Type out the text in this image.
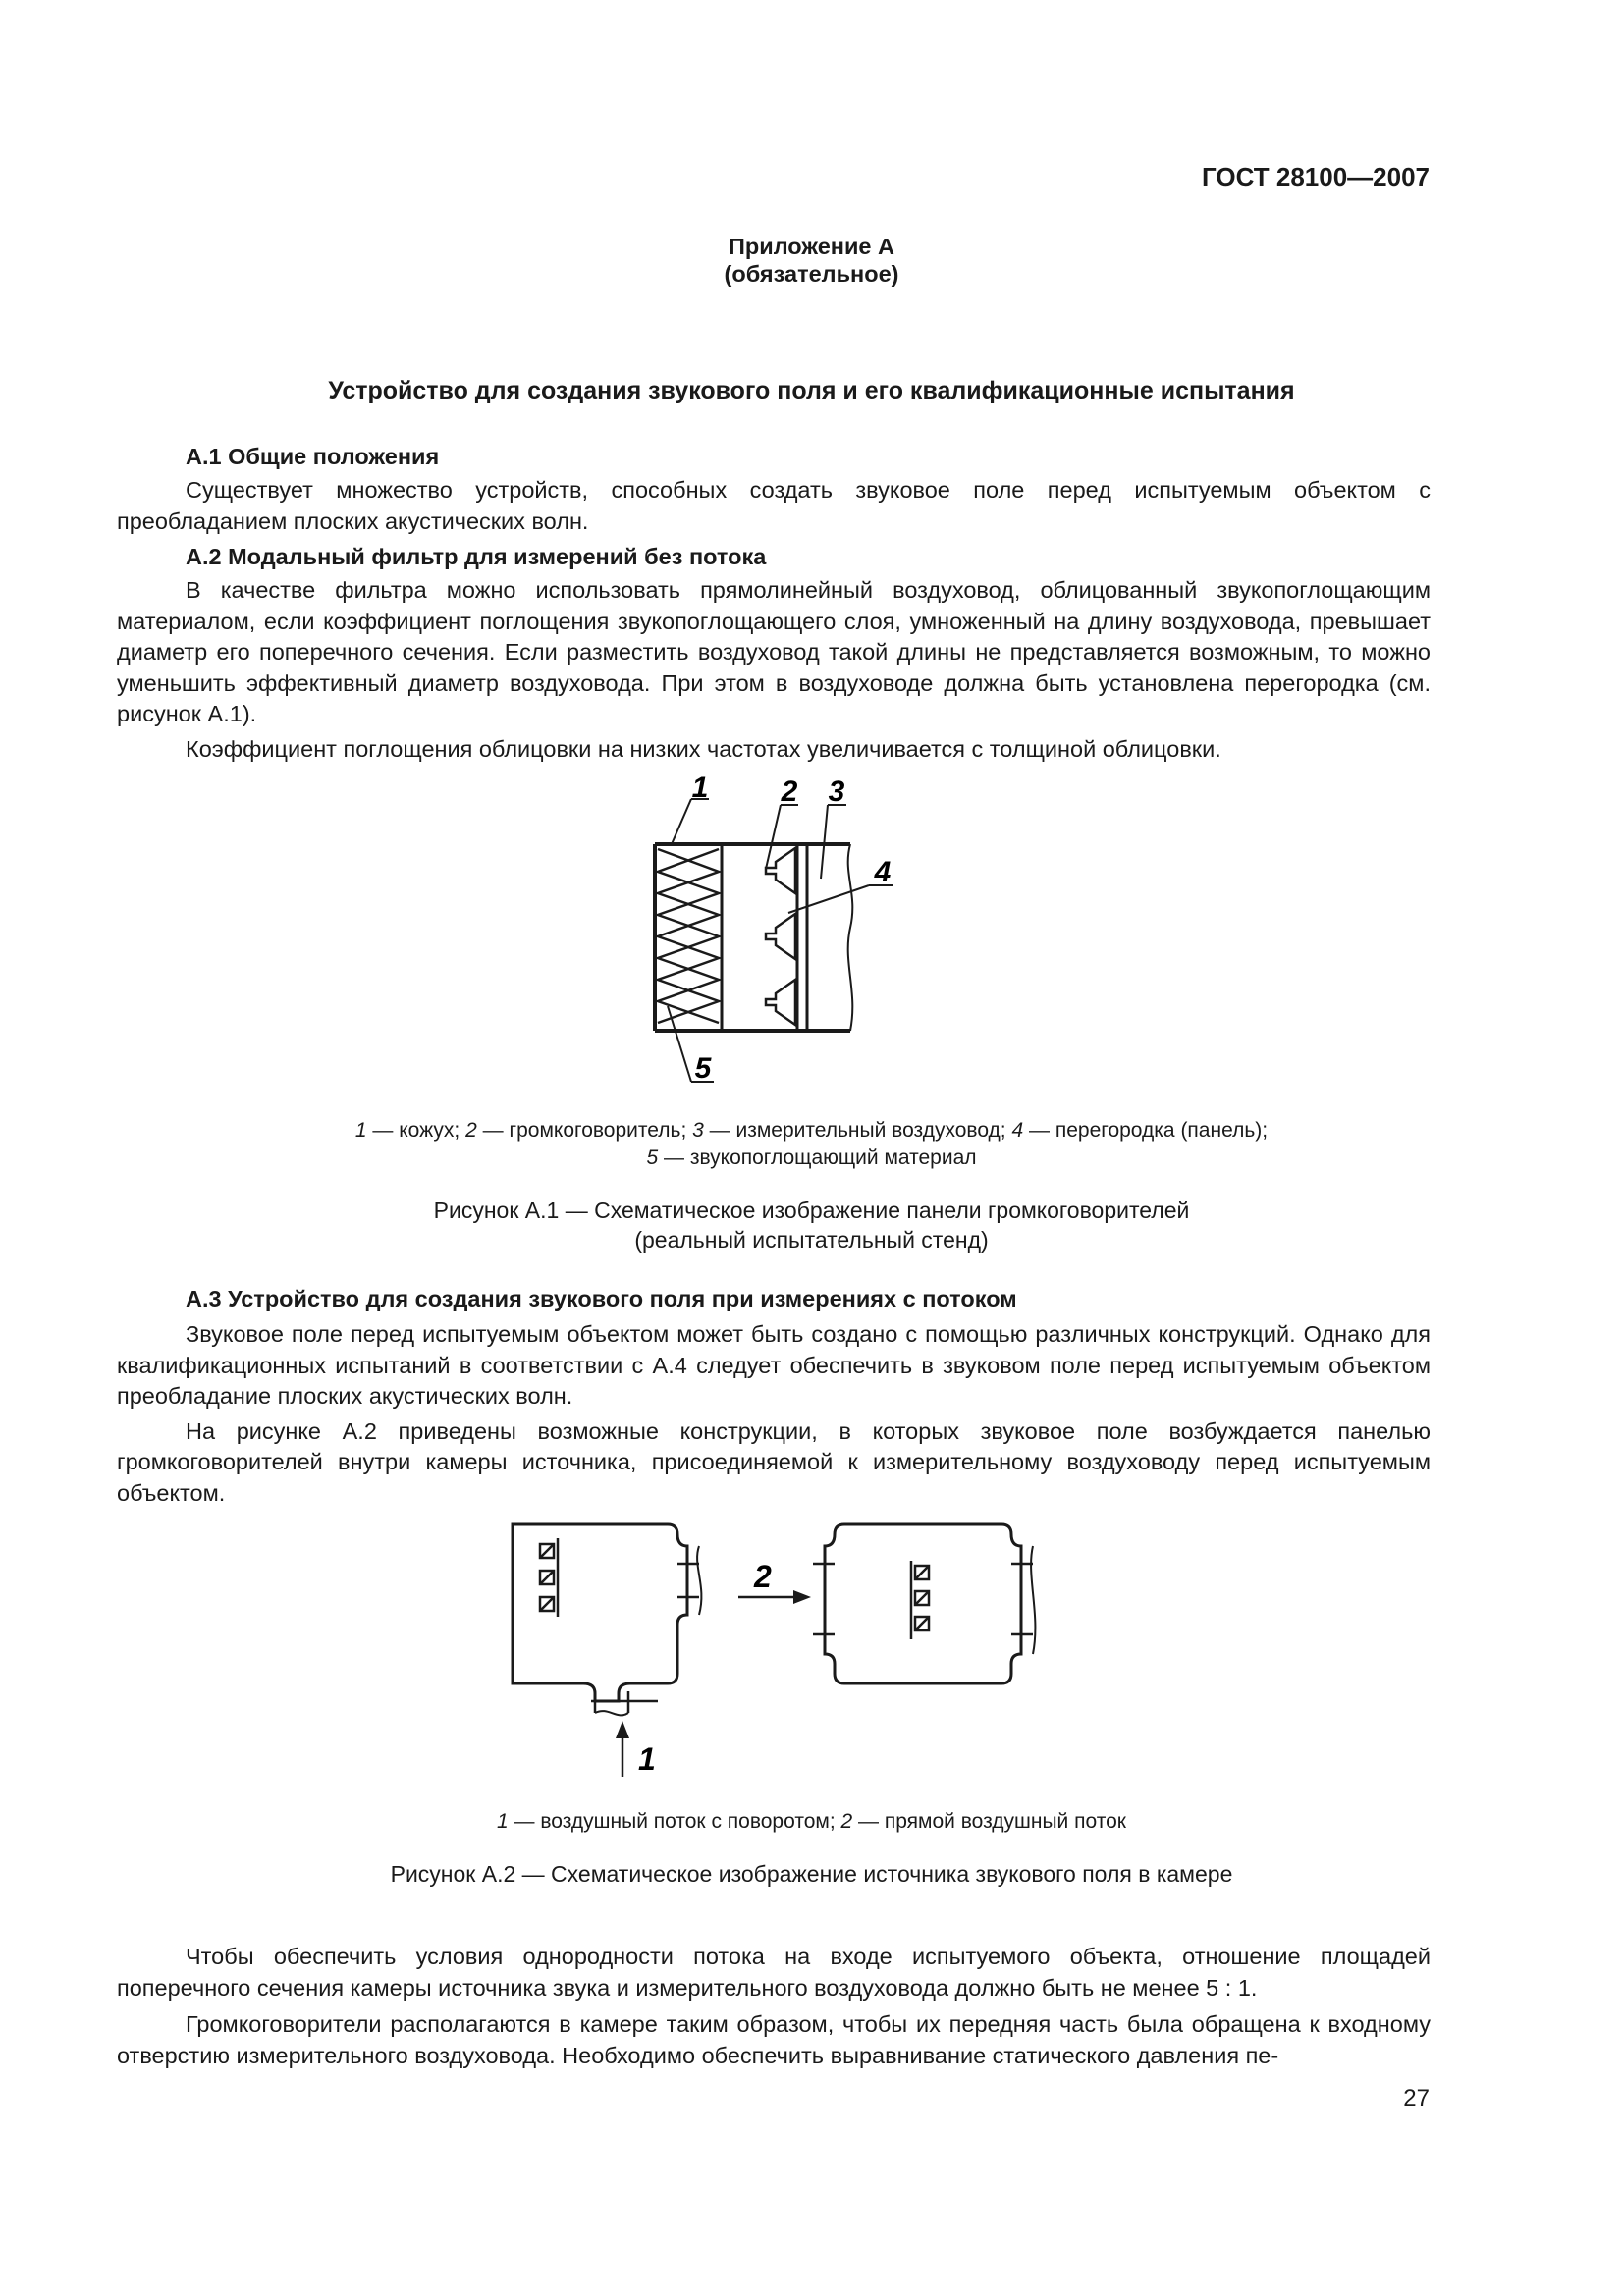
ГОСТ 28100—2007
Приложение А
(обязательное)
Устройство для создания звукового поля и его квалификационные испытания
А.1 Общие положения

Существует множество устройств, способных создать звуковое поле перед испытуемым объектом с преобладанием плоских акустических волн.

А.2 Модальный фильтр для измерений без потока

В качестве фильтра можно использовать прямолинейный воздуховод, облицованный звукопоглощающим материалом, если коэффициент поглощения звукопоглощающего слоя, умноженный на длину воздуховода, превышает диаметр его поперечного сечения. Если разместить воздуховод такой длины не представляется возможным, то можно уменьшить эффективный диаметр воздуховода. При этом в воздуховоде должна быть установлена перегородка (см. рисунок А.1).

Коэффициент поглощения облицовки на низких частотах увеличивается с толщиной облицовки.

1 2 3
4
5
1 — кожух; 2 — громкоговоритель; 3 — измерительный воздуховод; 4 — перегородка (панель);
5 — звукопоглощающий материал
Рисунок А.1 — Схематическое изображение панели громкоговорителей
(реальный испытательный стенд)
А.3 Устройство для создания звукового поля при измерениях с потоком

Звуковое поле перед испытуемым объектом может быть создано с помощью различных конструкций. Однако для квалификационных испытаний в соответствии с А.4 следует обеспечить в звуковом поле перед испытуемым объектом преобладание плоских акустических волн.

На рисунке А.2 приведены возможные конструкции, в которых звуковое поле возбуждается панелью громкоговорителей внутри камеры источника, присоединяемой к измерительному воздуховоду перед испытуемым объектом.

1
2
1 — воздушный поток с поворотом; 2 — прямой воздушный поток
Рисунок А.2 — Схематическое изображение источника звукового поля в камере

Чтобы обеспечить условия однородности потока на входе испытуемого объекта, отношение площадей поперечного сечения камеры источника звука и измерительного воздуховода должно быть не менее 5 : 1.

Громкоговорители располагаются в камере таким образом, чтобы их передняя часть была обращена к входному отверстию измерительного воздуховода. Необходимо обеспечить выравнивание статического давления пе-

27
